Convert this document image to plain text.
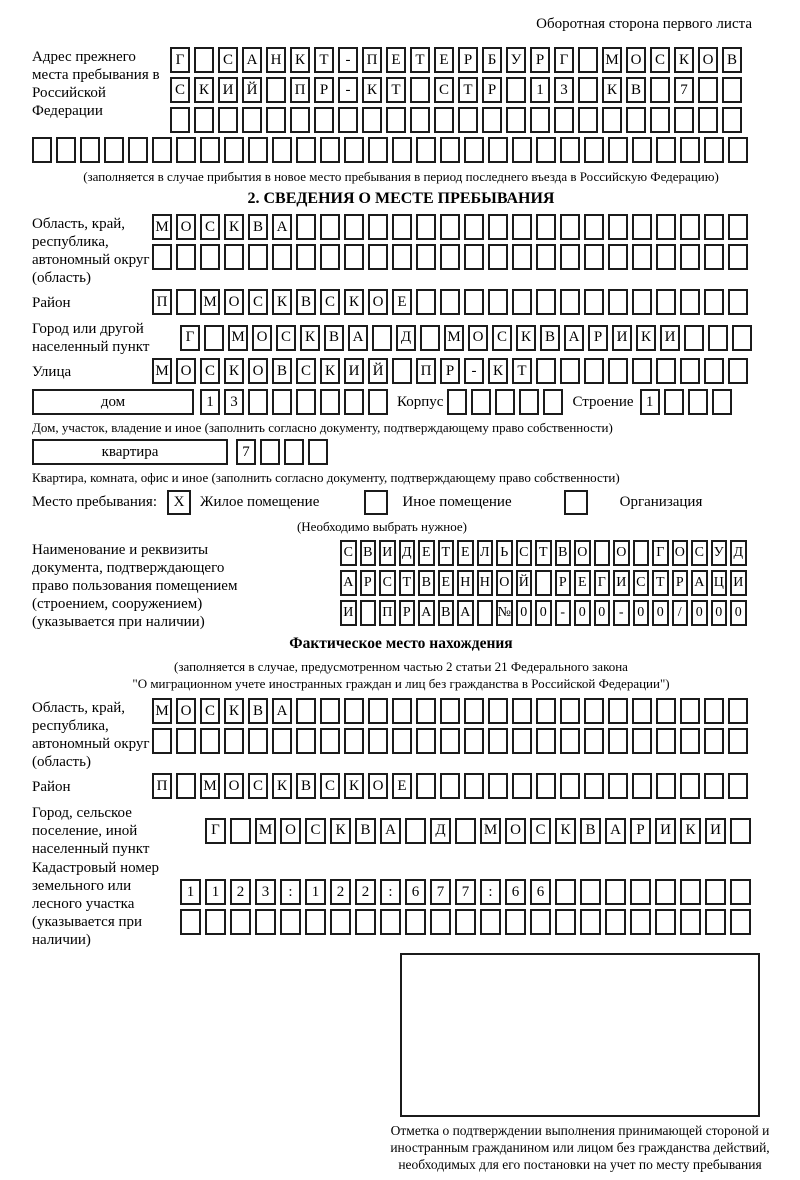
Оборотная сторона первого листа
Адрес прежнего места пребывания в Российской Федерации
Г	С А Н К Т	-	П Е Т Е	Р	Б У Р	Г	М О С К О В
С К И Й	П Р	-	К Т	С Т	Р	1	3	К В	7
(заполняется в случае прибытия в новое место пребывания в период последнего въезда в Российскую Федерацию)
2. СВЕДЕНИЯ О МЕСТЕ ПРЕБЫВАНИЯ
Область, край, республика, автономный округ (область)
М О С К В А
Район	П	М О С К В С К О Е
Город или другой населенный пункт
Г	М О С К В А	Д	М О С К В А Р И К И
Улица	М О С К О В С К И Й	П Р	-	К Т
дом	1	3	Корпус	Строение 1
Дом, участок, владение и иное (заполнить согласно документу, подтверждающему право собственности)
квартира	7
Квартира, комната, офис и иное (заполнить согласно документу, подтверждающему право собственности)
Место пребывания:	X	Жилое помещение	Иное помещение	Организация
(Необходимо выбрать нужное)
Наименование и реквизиты документа, подтверждающего право пользования помещением (строением, сооружением) (указывается при наличии)
С В И Д Е Т Е Л Ь С Т В О О	Г О С У Д
А Р С Т В Е Н Н О Й	Р Е Г И С Т Р А Ц И
И П Р А В А № 0 0 - 0 0 - 0 0	/	0 0 0
Фактическое место нахождения
(заполняется в случае, предусмотренном частью 2 статьи 21 Федерального закона
"О миграционном учете иностранных граждан и лиц без гражданства в Российской Федерации")
Область, край, республика, автономный округ (область)
М О С К В А
Район	П	М О С К В С К О Е
Город, сельское поселение, иной населенный пункт
Г	М О С К В А	Д	М О С К В А	Р	И К И
Кадастровый номер земельного или лесного участка (указывается при наличии)
1	1	2	3	:	1	2	2	:	6	7	7	:	6	6
Отметка о подтверждении выполнения принимающей стороной и иностранным гражданином или лицом без гражданства действий, необходимых для его постановки на учет по месту пребывания
